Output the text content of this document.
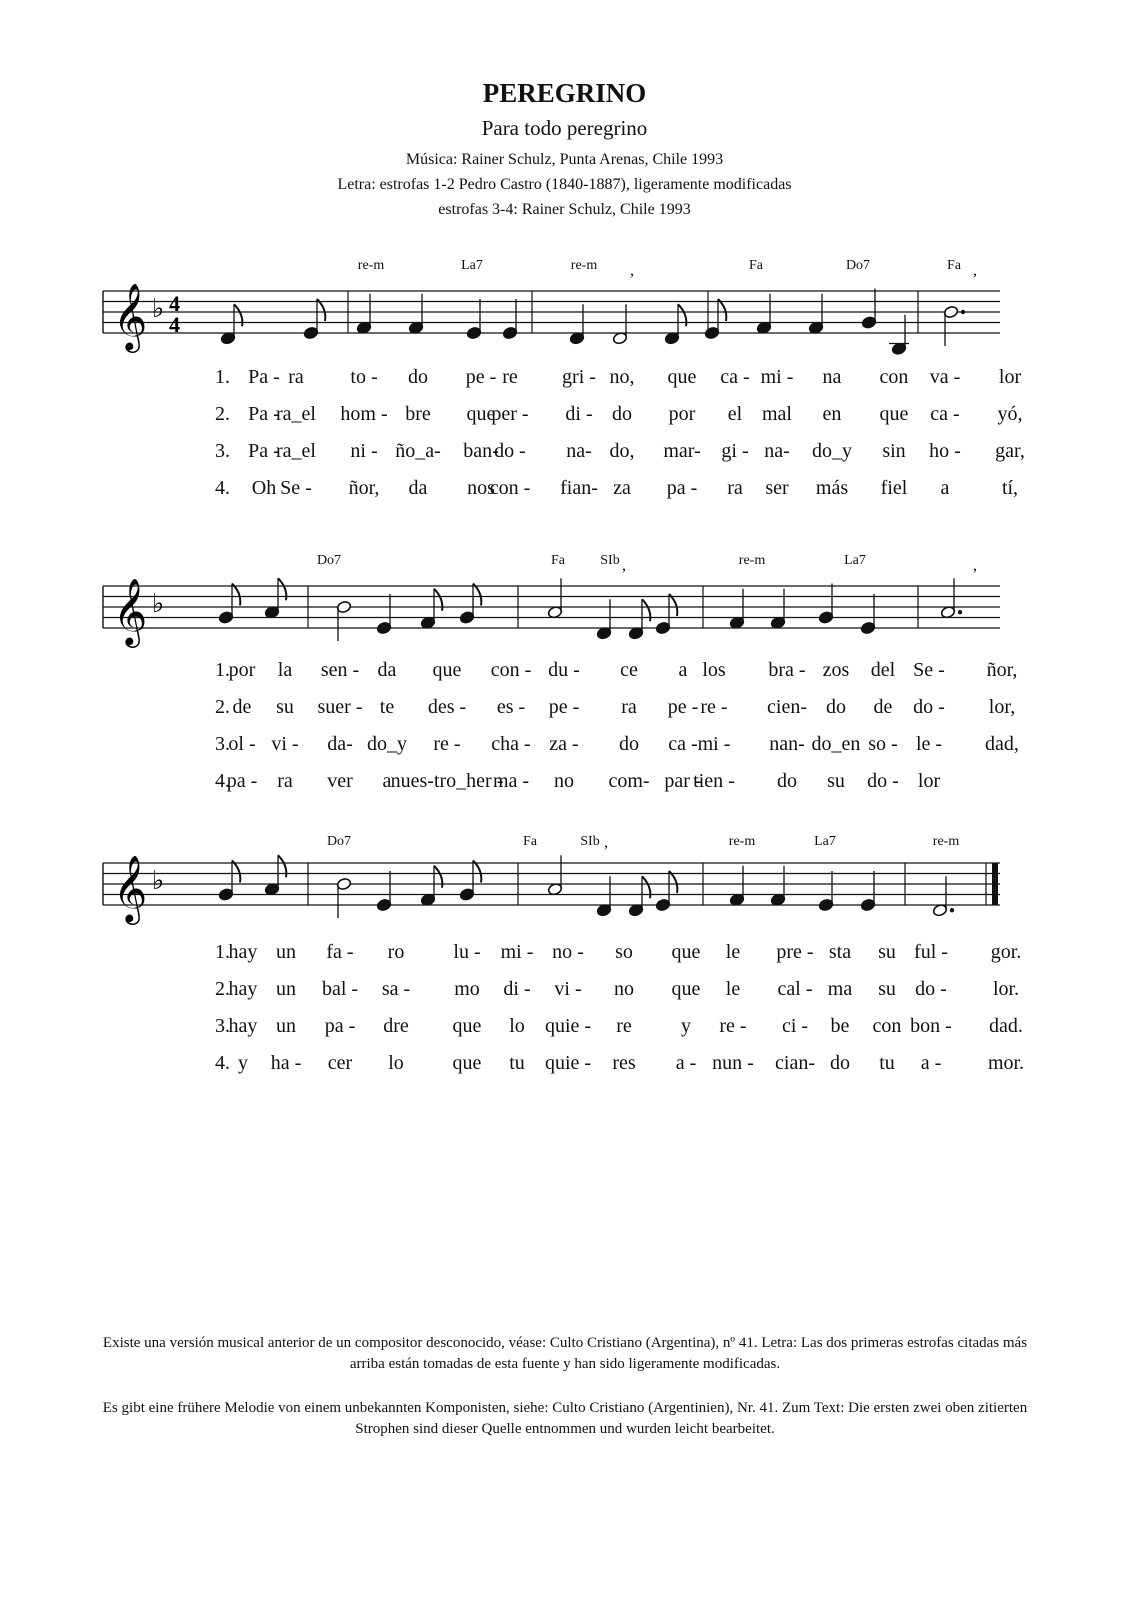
PEREGRINO
Para todo peregrino
Música: Rainer Schulz, Punta Arenas, Chile 1993
Letra: estrofas 1-2 Pedro Castro (1840-1887), ligeramente modificadas
estrofas 3-4: Rainer Schulz, Chile 1993
𝄞 ♭ 4
4
𝄞 ♭
𝄞 ♭
,	,
,	,
,
re-m	La7	re-m	Fa	Do7	Fa
1. Pa - ra to - do pe - re gri - no, que ca - mi - na con va - lor
2. Pa -
ra_el hom - bre que
per - di - do por el mal en que ca - yó,
3. Pa -
ra_el ni - ño_a- ban-
do - na- do, mar- gi - na- do_y sin ho - gar,
4. Oh Se - ñor, da nos
con - fian- za pa - ra ser más fiel a	tí,
Do7	Fa	SIb	re-m	La7
1.
por la sen - da que con - du - ce a los bra - zos del Se - ñor,
2. de su suer - te des - es - pe - ra pe - re - cien- do de do - lor,
3.
ol - vi - da- do_y re - cha - za - do ca - mi - nan- do_en so - le - dad,
4.
pa - ra ver a nues-tro_her -
ma - no com- par -
tien - do su do - lor
Do7	Fa	SIb	re-m	La7	re-m
1.
hay un fa - ro lu - mi - no - so que le pre - sta su ful - gor.
2.
hay un bal - sa - mo di - vi - no que le cal - ma su do - lor.
3.
hay un pa - dre que lo quie - re y re - ci - be con bon - dad.
4. y ha - cer lo que tu quie - res a - nun - cian- do tu a - mor.
Existe una versión musical anterior de un compositor desconocido, véase: Culto Cristiano (Argentina), nº 41. Letra: Las dos primeras estrofas citadas más arriba están tomadas de esta fuente y han sido ligeramente modificadas.
Es gibt eine frühere Melodie von einem unbekannten Komponisten, siehe: Culto Cristiano (Argentinien), Nr. 41. Zum Text: Die ersten zwei oben zitierten Strophen sind dieser Quelle entnommen und wurden leicht bearbeitet.
